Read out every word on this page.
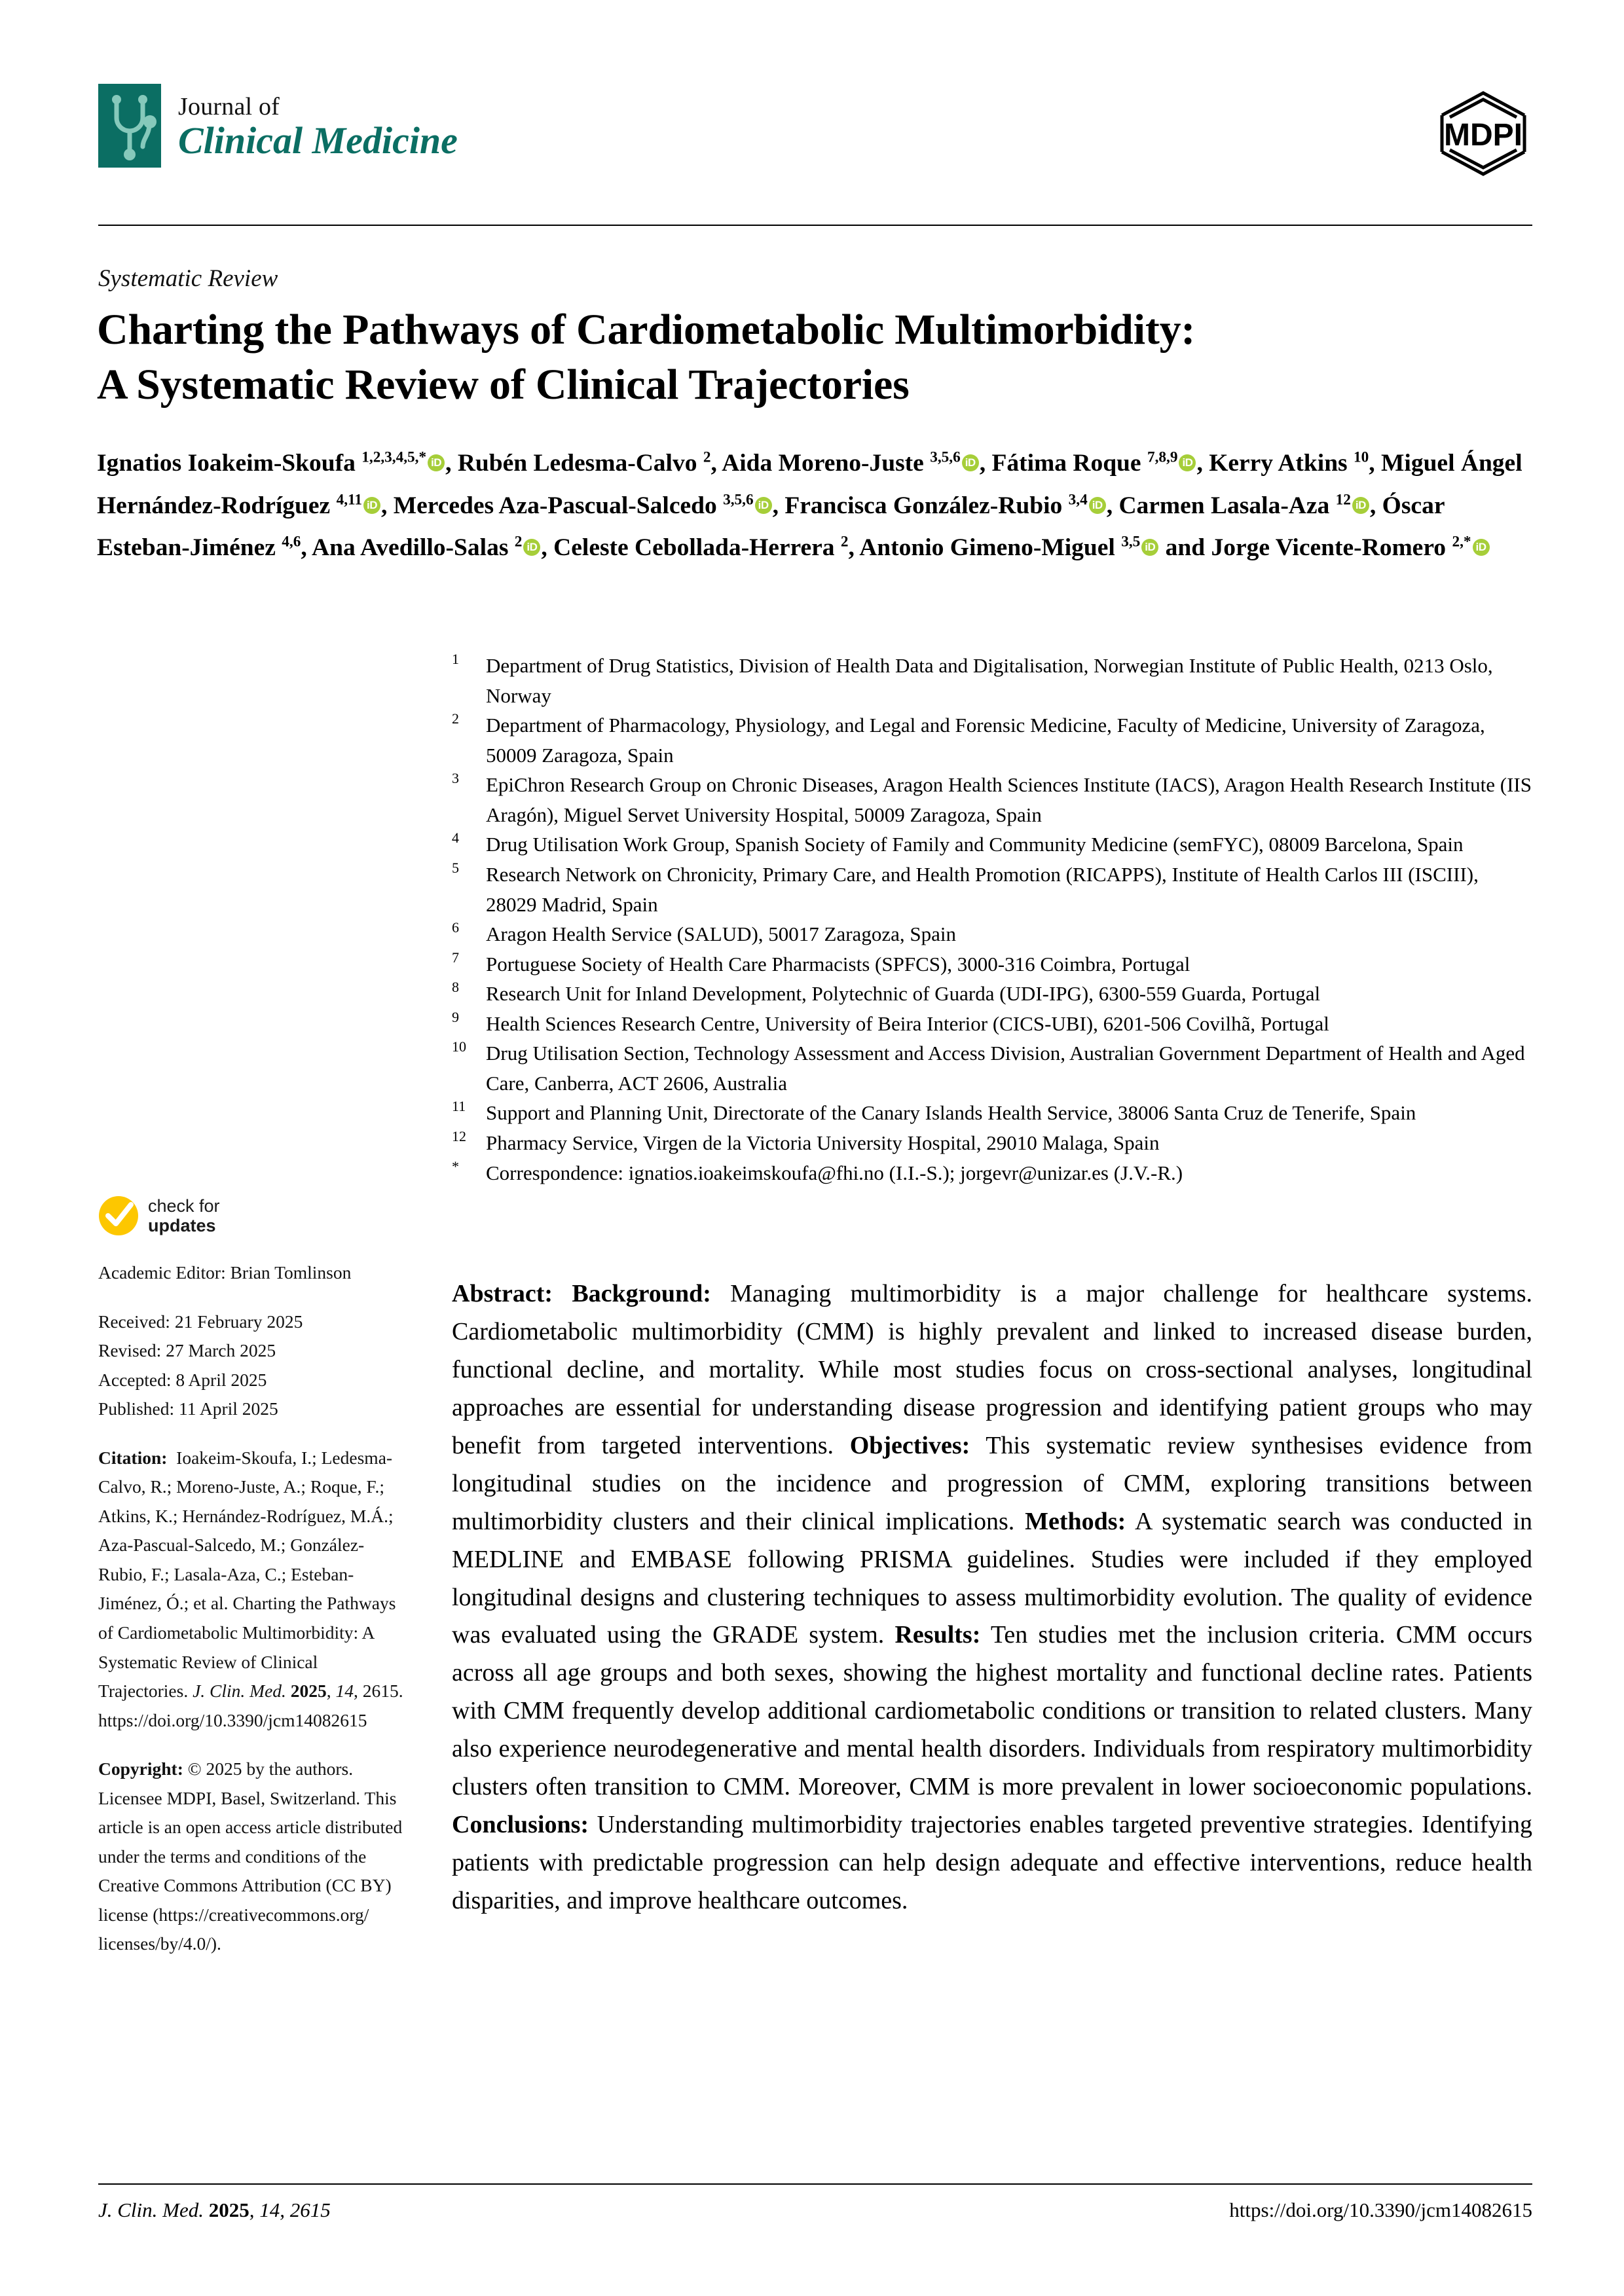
Journal of
Clinical Medicine	MDPI
Systematic Review
Charting the Pathways of Cardiometabolic Multimorbidity:
A Systematic Review of Clinical Trajectories
Ignatios Ioakeim-Skoufa $^{1,2,3,4,5,*}$ iD , Rubén Ledesma-Calvo $^2$, Aida Moreno-Juste $^{3,5,6}$ iD , Fátima Roque $^{7,8,9}$ iD , Kerry Atkins $^{10}$, Miguel Ángel Hernández-Rodríguez $^{4,11}$ iD , Mercedes Aza-Pascual-Salcedo $^{3,5,6}$ iD , Francisca González-Rubio $^{3,4}$ iD , Carmen Lasala-Aza $^{12}$ iD , Óscar Esteban-Jiménez $^{4,6}$, Ana Avedillo-Salas $^2$ iD , Celeste Cebollada-Herrera $^2$, Antonio Gimeno-Miguel $^{3,5}$ iD and Jorge Vicente-Romero $^{2,*}$ iD
1	Department of Drug Statistics, Division of Health Data and Digitalisation, Norwegian Institute of Public Health, 0213 Oslo, Norway
2	Department of Pharmacology, Physiology, and Legal and Forensic Medicine, Faculty of Medicine, University of Zaragoza, 50009 Zaragoza, Spain
3	EpiChron Research Group on Chronic Diseases, Aragon Health Sciences Institute (IACS), Aragon Health Research Institute (IIS Aragón), Miguel Servet University Hospital, 50009 Zaragoza, Spain
4	Drug Utilisation Work Group, Spanish Society of Family and Community Medicine (semFYC), 08009 Barcelona, Spain
5	Research Network on Chronicity, Primary Care, and Health Promotion (RICAPPS), Institute of Health Carlos III (ISCIII), 28029 Madrid, Spain
6	Aragon Health Service (SALUD), 50017 Zaragoza, Spain
7	Portuguese Society of Health Care Pharmacists (SPFCS), 3000-316 Coimbra, Portugal
8	Research Unit for Inland Development, Polytechnic of Guarda (UDI-IPG), 6300-559 Guarda, Portugal
9	Health Sciences Research Centre, University of Beira Interior (CICS-UBI), 6201-506 Covilhã, Portugal
10 Drug Utilisation Section, Technology Assessment and Access Division, Australian Government Department of Health and Aged Care, Canberra, ACT 2606, Australia
11 Support and Planning Unit, Directorate of the Canary Islands Health Service, 38006 Santa Cruz de Tenerife, Spain
12 Pharmacy Service, Virgen de la Victoria University Hospital, 29010 Malaga, Spain
*	Correspondence: ignatios.ioakeimskoufa@fhi.no (I.I.-S.); jorgevr@unizar.es (J.V.-R.)
check for
updates

Academic Editor: Brian Tomlinson

Received: 21 February 2025

Revised: 27 March 2025

Accepted: 8 April 2025

Published: 11 April 2025

Citation:  Ioakeim-Skoufa, I.; Ledesma-Calvo, R.; Moreno-Juste, A.; Roque, F.; Atkins, K.; Hernández-Rodríguez, M.Á.; Aza-Pascual-Salcedo, M.; González-Rubio, F.; Lasala-Aza, C.; Esteban-Jiménez, Ó.; et al. Charting the Pathways of Cardiometabolic Multimorbidity: A Systematic Review of Clinical Trajectories. J. Clin. Med. 2025, 14, 2615. https://doi.org/10.3390/jcm14082615
Copyright: © 2025 by the authors. Licensee MDPI, Basel, Switzerland. This article is an open access article distributed under the terms and conditions of the Creative Commons Attribution (CC BY) license (https://creativecommons.org/ licenses/by/4.0/).
Abstract: Background: Managing multimorbidity is a major challenge for healthcare systems. Cardiometabolic multimorbidity (CMM) is highly prevalent and linked to increased disease burden, functional decline, and mortality. While most studies focus on cross-sectional analyses, longitudinal approaches are essential for understanding disease progression and identifying patient groups who may benefit from targeted interventions. Objectives: This systematic review synthesises evidence from longitudinal studies on the incidence and progression of CMM, exploring transitions between multimorbidity clusters and their clinical implications. Methods: A systematic search was conducted in MEDLINE and EMBASE following PRISMA guidelines. Studies were included if they employed longitudinal designs and clustering techniques to assess multimorbidity evolution. The quality of evidence was evaluated using the GRADE system. Results: Ten studies met the inclusion criteria. CMM occurs across all age groups and both sexes, showing the highest mortality and functional decline rates. Patients with CMM frequently develop additional cardiometabolic conditions or transition to related clusters. Many also experience neurodegenerative and mental health disorders. Individuals from respiratory multimorbidity clusters often transition to CMM. Moreover, CMM is more prevalent in lower socioeconomic populations. Conclusions: Understanding multimorbidity trajectories enables targeted preventive strategies. Identifying patients with predictable progression can help design adequate and effective interventions, reduce health disparities, and improve healthcare outcomes.
J. Clin. Med. 2025, 14, 2615	https://doi.org/10.3390/jcm14082615
